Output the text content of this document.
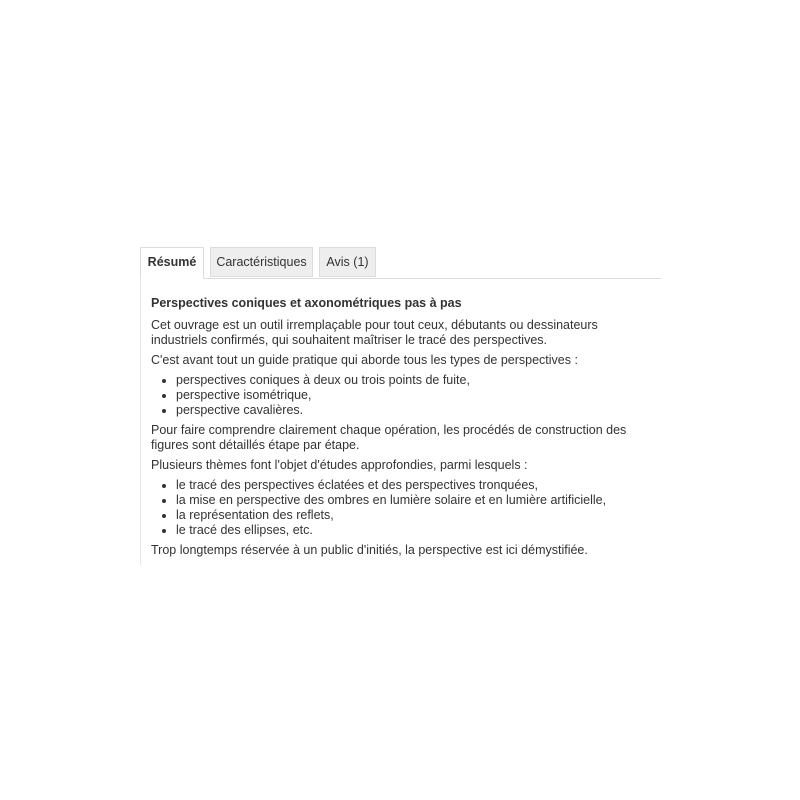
Résumé	Caractéristiques	Avis (1)
Perspectives coniques et axonométriques pas à pas

Cet ouvrage est un outil irremplaçable pour tout ceux, débutants ou dessinateurs industriels confirmés, qui souhaitent maîtriser le tracé des perspectives.

C'est avant tout un guide pratique qui aborde tous les types de perspectives :

• perspectives coniques à deux ou trois points de fuite,
• perspective isométrique,
• perspective cavalières.

Pour faire comprendre clairement chaque opération, les procédés de construction des figures sont détaillés étape par étape.

Plusieurs thèmes font l'objet d'études approfondies, parmi lesquels :

• le tracé des perspectives éclatées et des perspectives tronquées,
• la mise en perspective des ombres en lumière solaire et en lumière artificielle,
• la représentation des reflets,
• le tracé des ellipses, etc.

Trop longtemps réservée à un public d'initiés, la perspective est ici démystifiée.
